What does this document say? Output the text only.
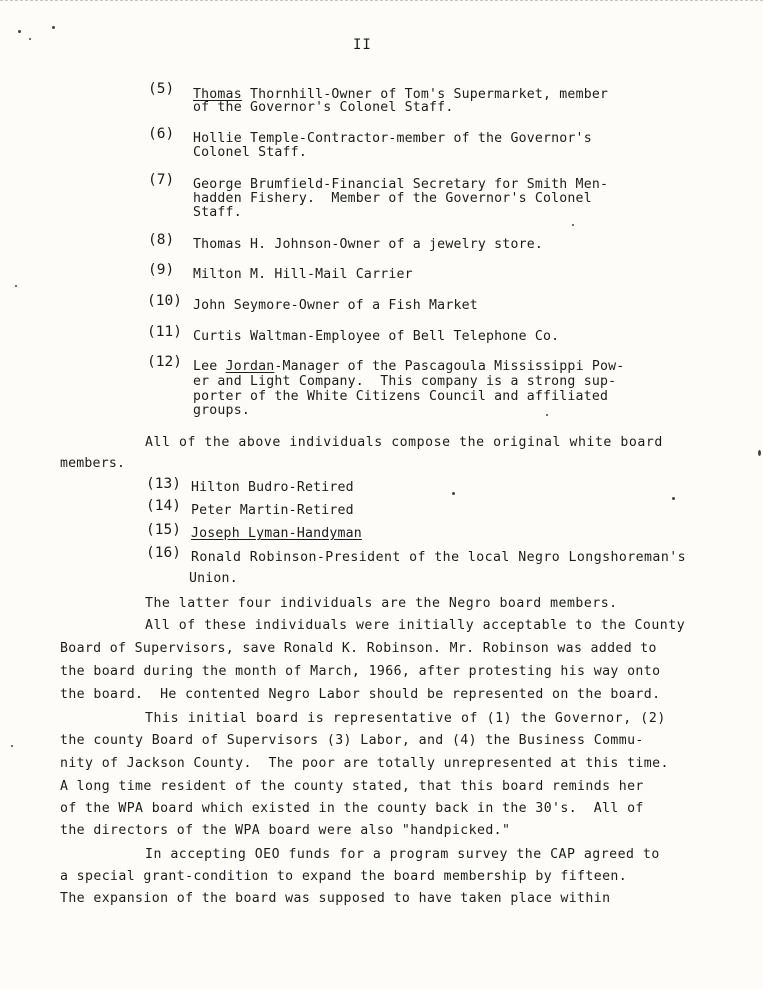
II
(5) Thomas Thornhill-Owner of Tom's Supermarket, member
of the Governor's Colonel Staff.
(6) Hollie Temple-Contractor-member of the Governor's
Colonel Staff.
(7) George Brumfield-Financial Secretary for Smith Men-
hadden Fishery.  Member of the Governor's Colonel
Staff.
(8) Thomas H. Johnson-Owner of a jewelry store.
(9) Milton M. Hill-Mail Carrier
(10) John Seymore-Owner of a Fish Market
(11) Curtis Waltman-Employee of Bell Telephone Co.
(12) Lee Jordan-Manager of the Pascagoula Mississippi Pow-
er and Light Company.  This company is a strong sup-
porter of the White Citizens Council and affiliated
groups.
All of the above individuals compose the original white board
members.
(13) Hilton Budro-Retired
(14) Peter Martin-Retired
(15) Joseph Lyman-Handyman
(16) Ronald Robinson-President of the local Negro Longshoreman's
Union.
The latter four individuals are the Negro board members.
All of these individuals were initially acceptable to the County
Board of Supervisors, save Ronald K. Robinson. Mr. Robinson was added to
the board during the month of March, 1966, after protesting his way onto
the board.  He contented Negro Labor should be represented on the board.
This initial board is representative of (1) the Governor, (2)
the county Board of Supervisors (3) Labor, and (4) the Business Commu-
nity of Jackson County.  The poor are totally unrepresented at this time.
A long time resident of the county stated, that this board reminds her
of the WPA board which existed in the county back in the 30's.  All of
the directors of the WPA board were also "handpicked."
In accepting OEO funds for a program survey the CAP agreed to
a special grant-condition to expand the board membership by fifteen.
The expansion of the board was supposed to have taken place within
